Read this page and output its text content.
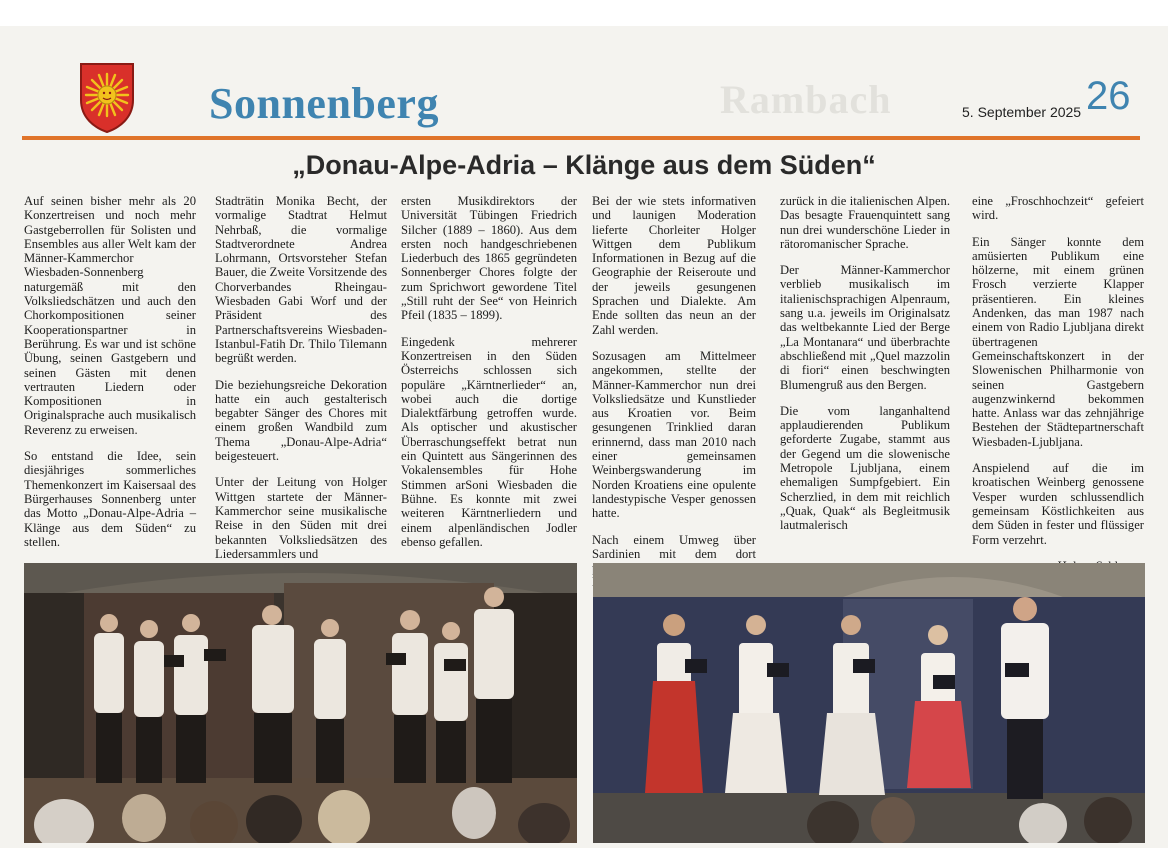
Rambach
Sonnenberg	5. September 2025 26
„Donau-Alpe-Adria – Klänge aus dem Süden“

Auf seinen bisher mehr als 20 Konzertreisen und noch mehr Gastgeberrollen für Solisten und Ensembles aus aller Welt kam der Männer-Kammerchor Wiesbaden-Sonnenberg naturgemäß mit den Volksliedschätzen und auch den Chorkompositionen seiner Kooperationspartner in Berührung. Es war und ist schöne Übung, seinen Gastgebern und seinen Gästen mit denen vertrauten Liedern oder Kompositionen in Originalsprache auch musikalisch Reverenz zu erweisen.

So entstand die Idee, sein diesjähriges sommerliches Themenkonzert im Kaisersaal des Bürgerhauses Sonnenberg unter das Motto „Donau-Alpe-Adria – Klänge aus dem Süden“ zu stellen.

Stadträtin Monika Becht, der vormalige Stadtrat Helmut Nehrbaß, die vormalige Stadtverordnete Andrea Lohrmann, Ortsvorsteher Stefan Bauer, die Zweite Vorsitzende des Chorverbandes Rheingau-Wiesbaden Gabi Worf und der Präsident des Partnerschaftsvereins Wiesbaden-Istanbul-Fatih Dr. Thilo Tilemann begrüßt werden.

Die beziehungsreiche Dekoration hatte ein auch gestalterisch begabter Sänger des Chores mit einem großen Wandbild zum Thema „Donau-Alpe-Adria“ beigesteuert.

Unter der Leitung von Holger Wittgen startete der Männer-Kammerchor seine musikalische Reise in den Süden mit drei bekannten Volksliedsätzen des Liedersammlers und

ersten Musikdirektors der Universität Tübingen Friedrich Silcher (1889 – 1860). Aus dem ersten noch handgeschriebenen Liederbuch des 1865 gegründeten Sonnenberger Chores folgte der zum Sprichwort gewordene Titel „Still ruht der See“ von Heinrich Pfeil (1835 – 1899).

Eingedenk mehrerer Konzertreisen in den Süden Österreichs schlossen sich populäre „Kärntnerlieder“ an, wobei auch die dortige Dialektfärbung getroffen wurde. Als optischer und akustischer Überraschungseffekt betrat nun ein Quintett aus Sängerinnen des Vokalensembles für Hohe Stimmen arSoni Wiesbaden die Bühne. Es konnte mit zwei weiteren Kärntnerliedern und einem alpenländischen Jodler ebenso gefallen.

Bei der wie stets informativen und launigen Moderation lieferte Chorleiter Holger Wittgen dem Publikum Informationen in Bezug auf die Geographie der Reiseroute und der jeweils gesungenen Sprachen und Dialekte. Am Ende sollten das neun an der Zahl werden.

Sozusagen am Mittelmeer angekommen, stellte der Männer-Kammerchor nun drei Volksliedsätze und Kunstlieder aus Kroatien vor. Beim gesungenen Trinklied daran erinnernd, dass man 2010 nach einer gemeinsamen Weinbergswanderung im Norden Kroatiens eine opulente landestypische Vesper genossen hatte.

Nach einem Umweg über Sardinien mit dem dort

zurück in die italienischen Alpen. Das besagte Frauenquintett sang nun drei wunderschöne Lieder in rätoromanischer Sprache.

Der Männer-Kammerchor verblieb musikalisch im italienischsprachigen Alpenraum, sang u.a. jeweils im Originalsatz das weltbekannte Lied der Berge „La Montanara“ und überbrachte abschließend mit „Quel mazzolin di fiori“ einen beschwingten Blumengruß aus den Bergen.

Die vom langanhaltend applaudierenden Publikum geforderte Zugabe, stammt aus der Gegend um die slowenische Metropole Ljubljana, einem ehemaligen Sumpfgebiert. Ein Scherzlied, in dem mit reichlich „Quak, Quak“ als Begleitmusik lautmalerisch

eine „Froschhochzeit“ gefeiert wird.

Ein Sänger konnte dem amüsierten Publikum eine hölzerne, mit einem grünen Frosch verzierte Klapper präsentieren. Ein kleines Andenken, das man 1987 nach einem von Radio Ljubljana direkt übertragenen Gemeinschaftskonzert in der Slowenischen Philharmonie von seinen Gastgebern augenzwinkernd bekommen hatte. Anlass war das zehnjährige Bestehen der Städtepartnerschaft Wiesbaden-Ljubljana.

Anspielend auf die im kroatischen Weinberg genossene Vesper wurden schlussendlich gemeinsam Köstlichkeiten aus dem Süden in fester und flüssiger Form verzehrt.
